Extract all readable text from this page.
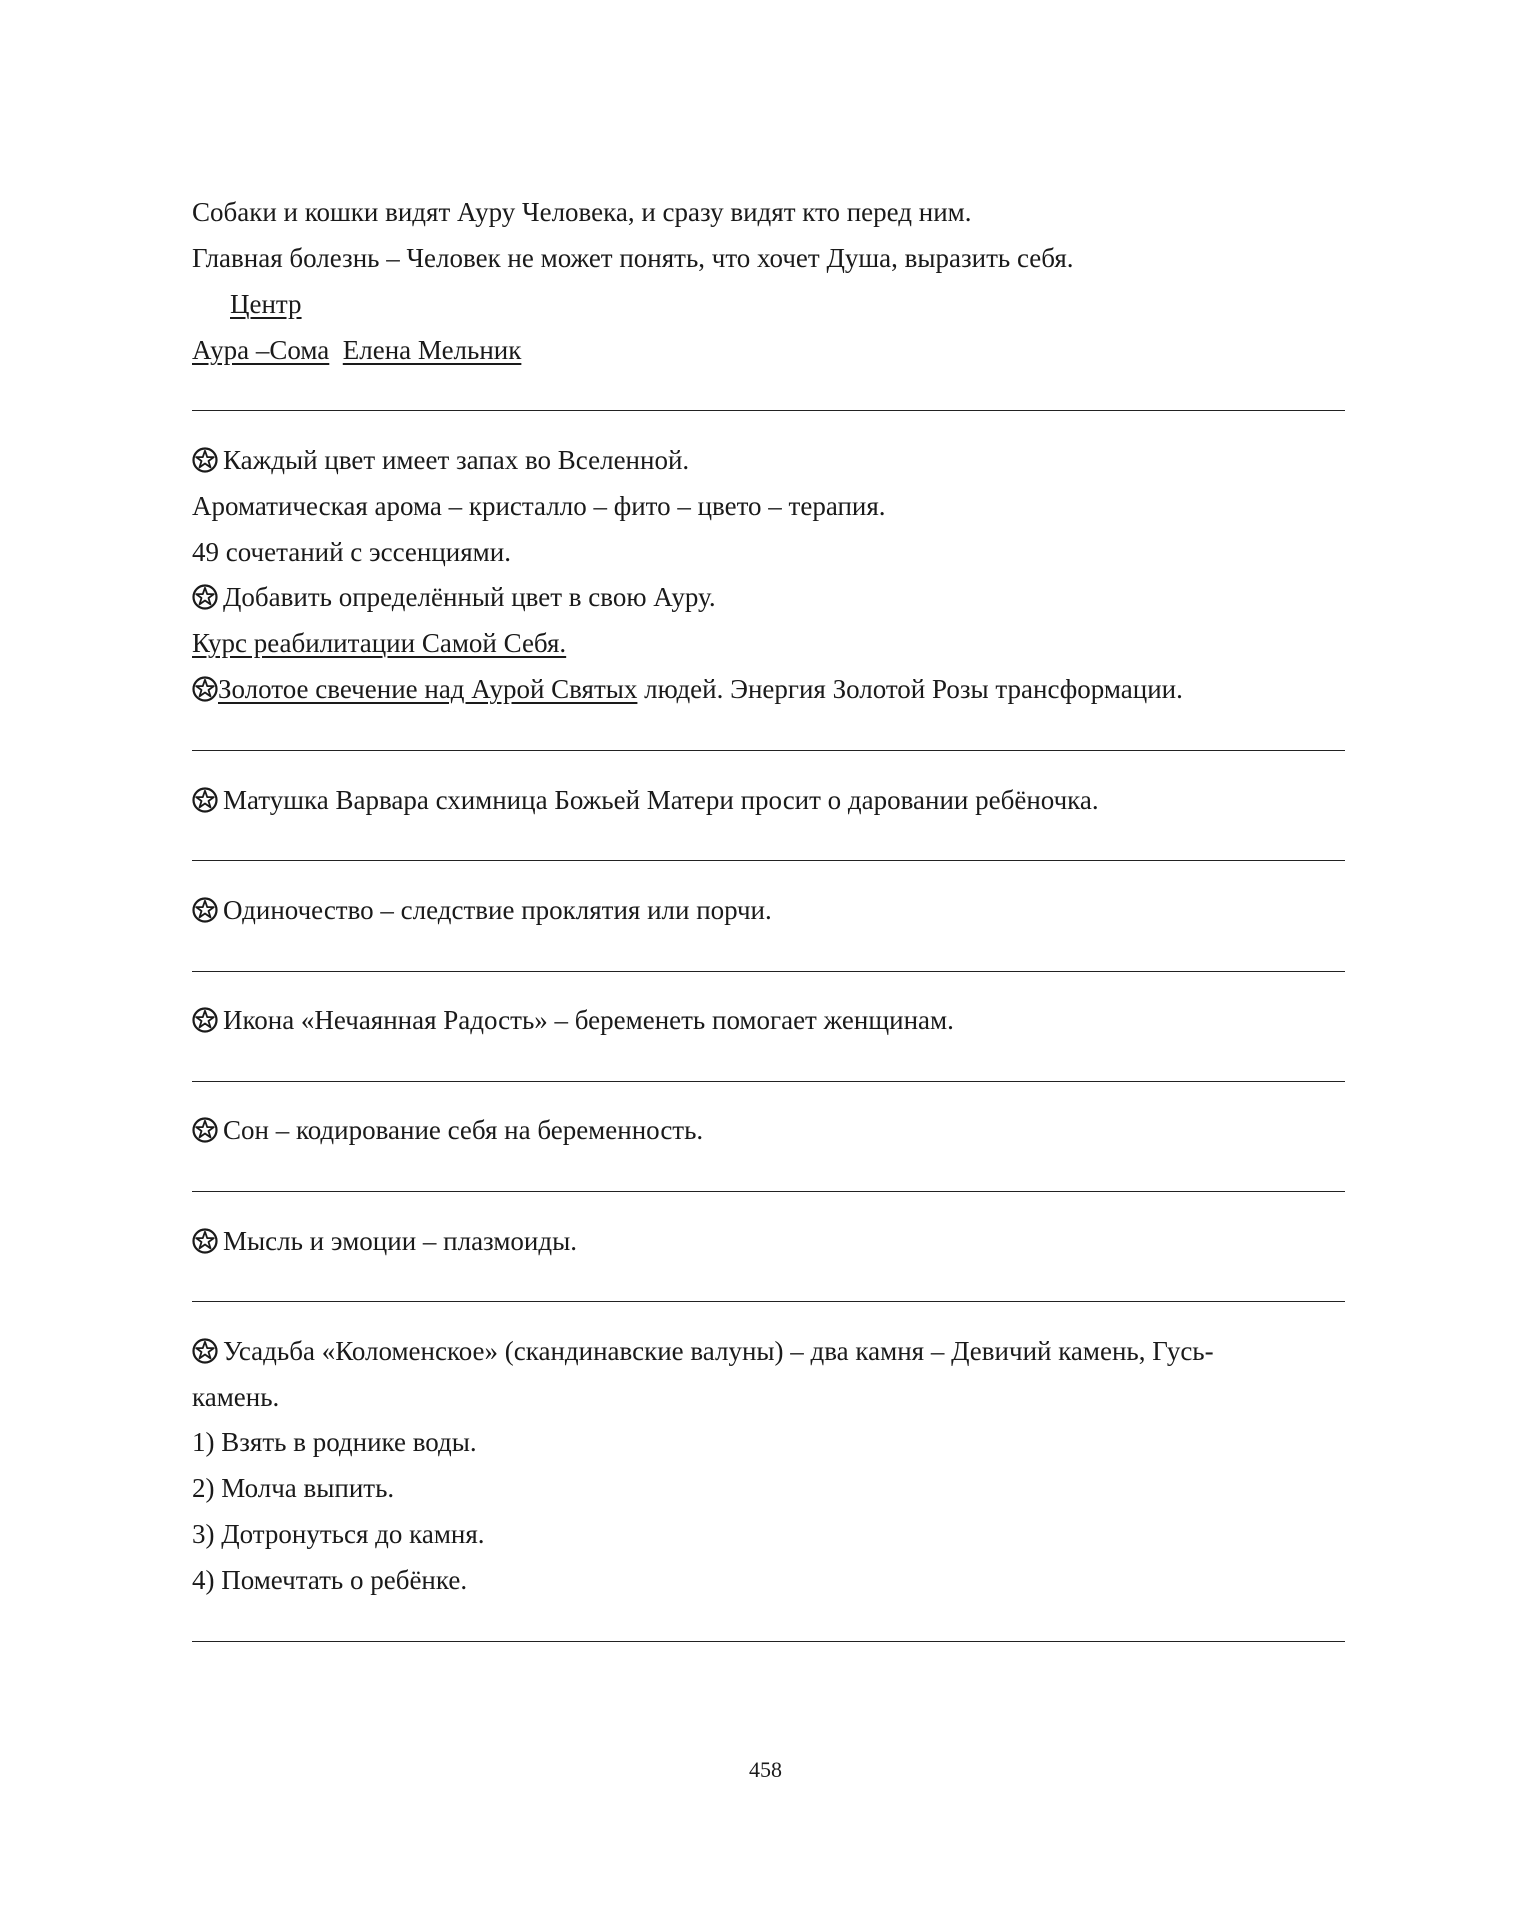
Собаки и кошки видят Ауру Человека, и сразу видят кто перед ним.
Главная болезнь – Человек не может понять, что хочет Душа, выразить себя.
Центр
Аура –Сома Елена Мельник
Каждый цвет имеет запах во Вселенной.
Ароматическая арома – кристалло – фито – цвето – терапия.
49 сочетаний с эссенциями.
Добавить определённый цвет в свою Ауру.
Курс реабилитации Самой Себя.
Золотое свечение над Аурой Святых людей. Энергия Золотой Розы трансформации.
Матушка Варвара схимница Божьей Матери просит о даровании ребёночка.
Одиночество – следствие проклятия или порчи.
Икона «Нечаянная Радость» – беременеть помогает женщинам.
Сон – кодирование себя на беременность.
Мысль и эмоции – плазмоиды.
Усадьба «Коломенское» (скандинавские валуны) – два камня – Девичий камень, Гусь-
камень.
1) Взять в роднике воды.
2) Молча выпить.
3) Дотронуться до камня.
4) Помечтать о ребёнке.
458
